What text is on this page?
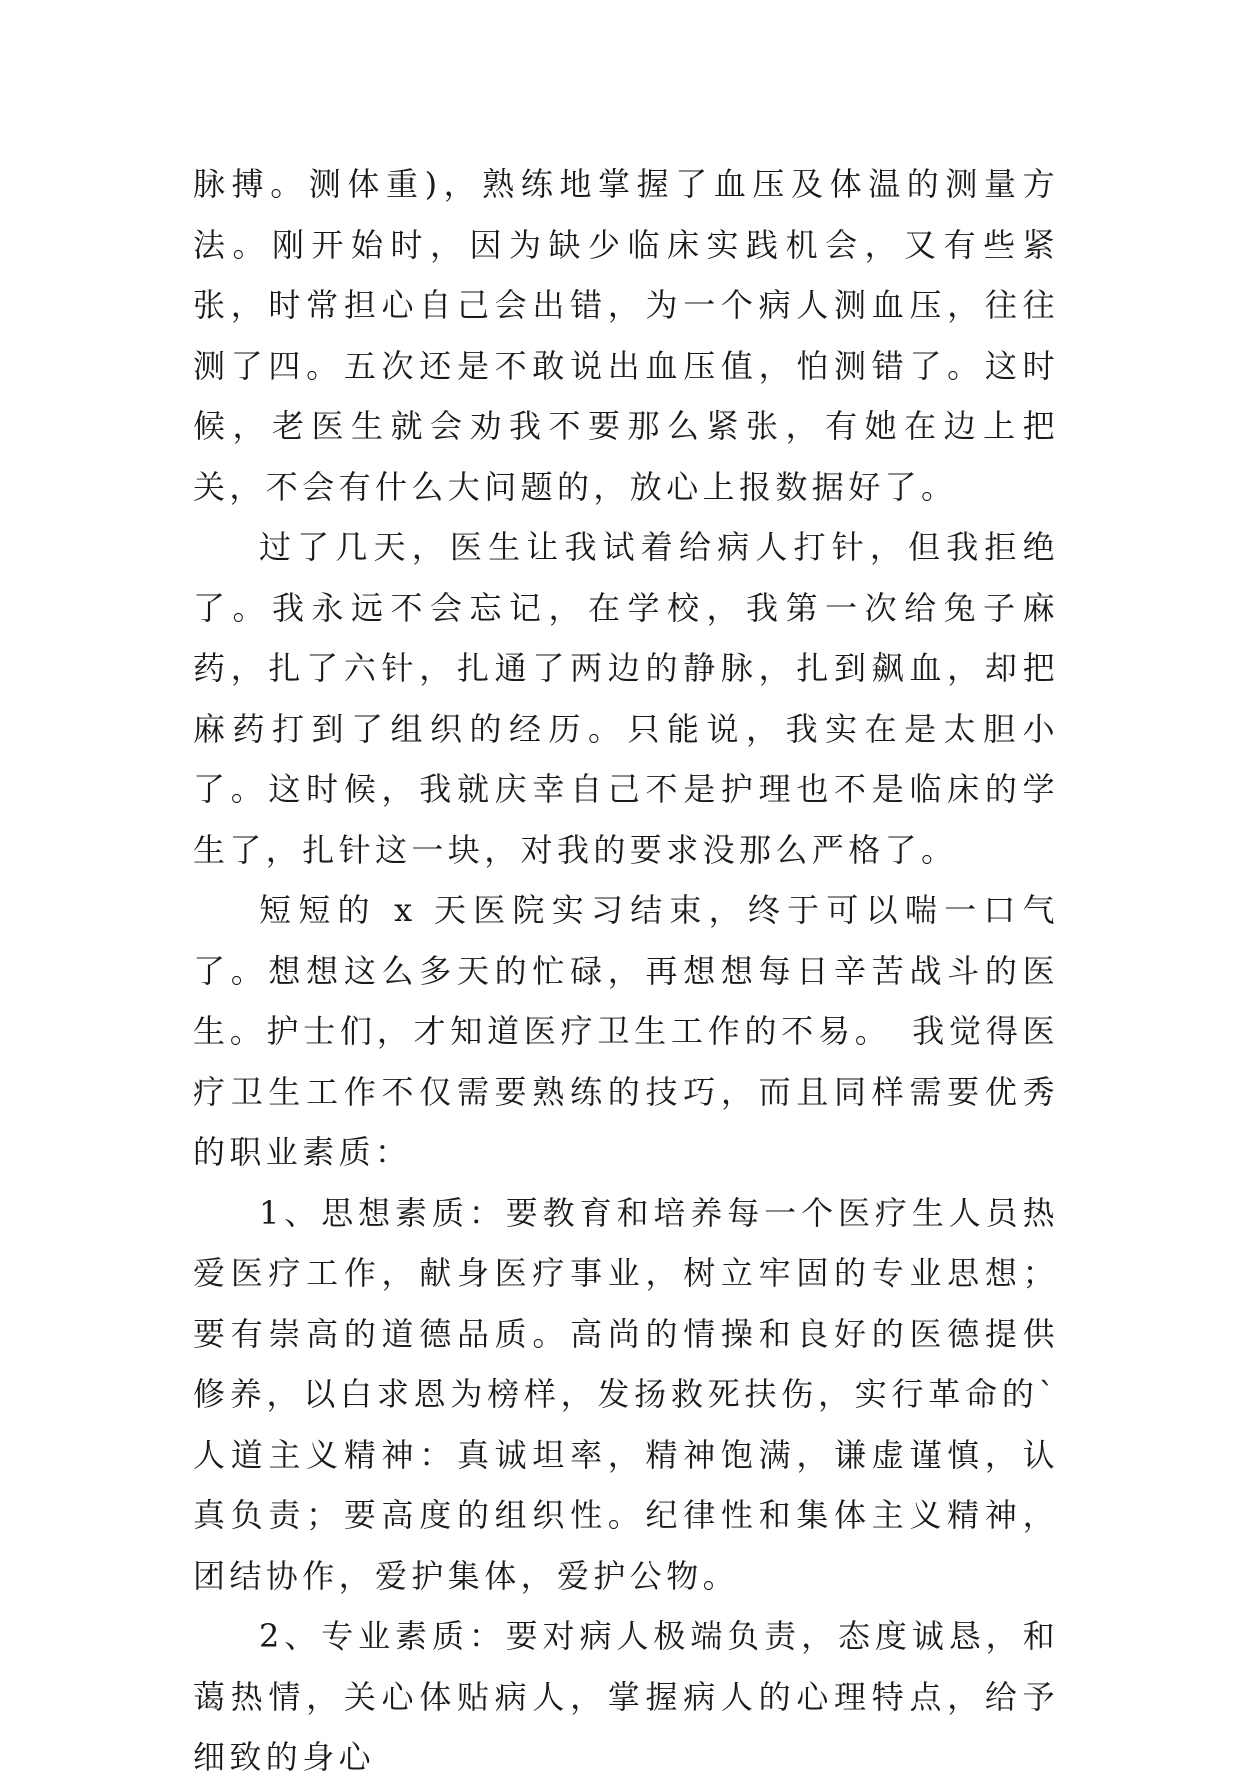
脉搏。测体重)，熟练地掌握了血压及体温的测量方法。刚开始时，因为缺少临床实践机会，又有些紧张，时常担心自己会出错，为一个病人测血压，往往测了四。五次还是不敢说出血压值，怕测错了。这时候，老医生就会劝我不要那么紧张，有她在边上把关，不会有什么大问题的，放心上报数据好了。

过了几天，医生让我试着给病人打针，但我拒绝了。我永远不会忘记，在学校，我第一次给兔子麻药，扎了六针，扎通了两边的静脉，扎到飙血，却把麻药打到了组织的经历。只能说，我实在是太胆小了。这时候，我就庆幸自己不是护理也不是临床的学生了，扎针这一块，对我的要求没那么严格了。

短短的 x 天医院实习结束，终于可以喘一口气了。想想这么多天的忙碌，再想想每日辛苦战斗的医生。护士们，才知道医疗卫生工作的不易。　我觉得医疗卫生工作不仅需要熟练的技巧，而且同样需要优秀的职业素质：

1、思想素质：要教育和培养每一个医疗生人员热爱医疗工作，献身医疗事业，树立牢固的专业思想；要有崇高的道德品质。高尚的情操和良好的医德提供修养，以白求恩为榜样，发扬救死扶伤，实行革命的`人道主义精神：真诚坦率，精神饱满，谦虚谨慎，认真负责；要高度的组织性。纪律性和集体主义精神，团结协作，爱护集体，爱护公物。

2、专业素质：要对病人极端负责，态度诚恳，和蔼热情，关心体贴病人，掌握病人的心理特点，给予细致的身心
